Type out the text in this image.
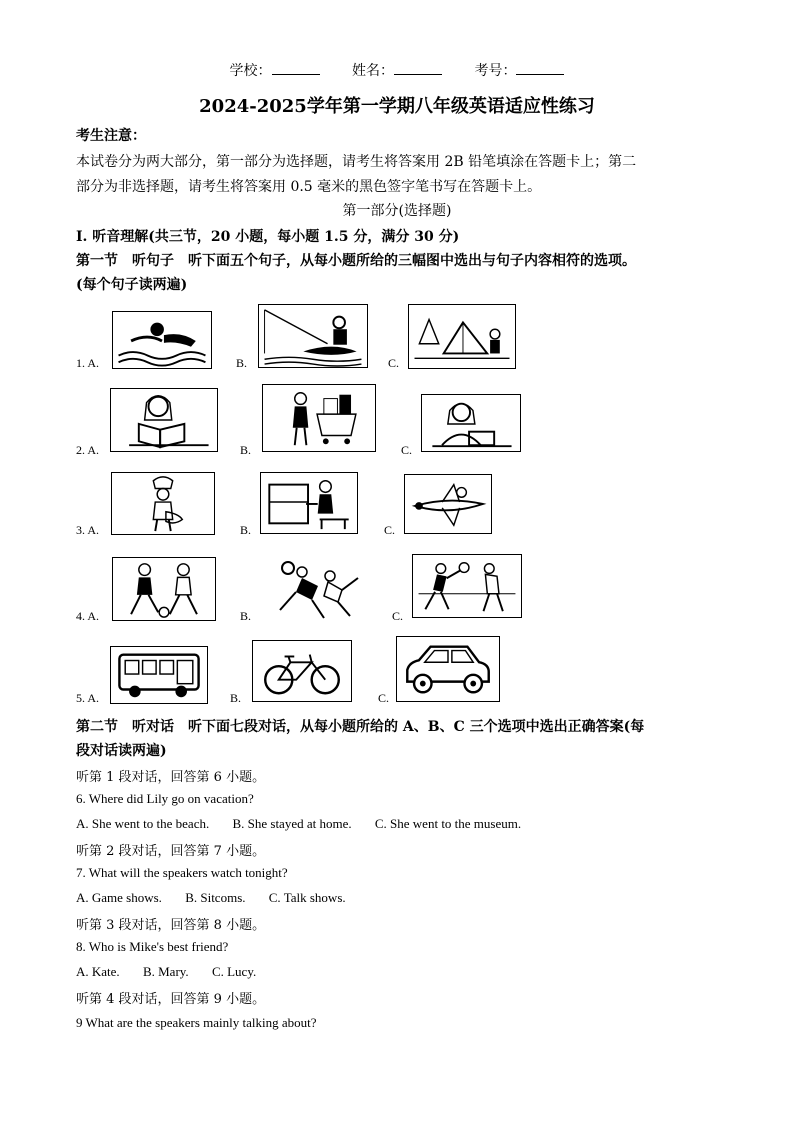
学校：	姓名：	考号：
2024-2025学年第一学期八年级英语适应性练习
考生注意：
本试卷分为两大部分，第一部分为选择题，请考生将答案用 2B 铅笔填涂在答题卡上；第二
部分为非选择题，请考生将答案用 0.5 毫米的黑色签字笔书写在答题卡上。
第一部分(选择题)
Ⅰ. 听音理解(共三节，20 小题，每小题 1.5 分，满分 30 分)
第一节　听句子　听下面五个句子，从每小题所给的三幅图中选出与句子内容相符的选项。
(每个句子读两遍)
1. A.	B.	C.
2. A.	B.	C.
3. A.	B.	C.
4. A.	B.	C.
5. A.	B.	C.
第二节　听对话　听下面七段对话，从每小题所给的 A、B、C 三个选项中选出正确答案(每
段对话读两遍)
听第 1 段对话，回答第 6 小题。
6. Where did Lily go on vacation?
A. She went to the beach. B. She stayed at home. C. She went to the museum.
听第 2 段对话，回答第 7 小题。
7. What will the speakers watch tonight?
A. Game shows. B. Sitcoms. C. Talk shows.
听第 3 段对话，回答第 8 小题。
8. Who is Mike's best friend?
A. Kate. B. Mary. C. Lucy.
听第 4 段对话，回答第 9 小题。
9 What are the speakers mainly talking about?
